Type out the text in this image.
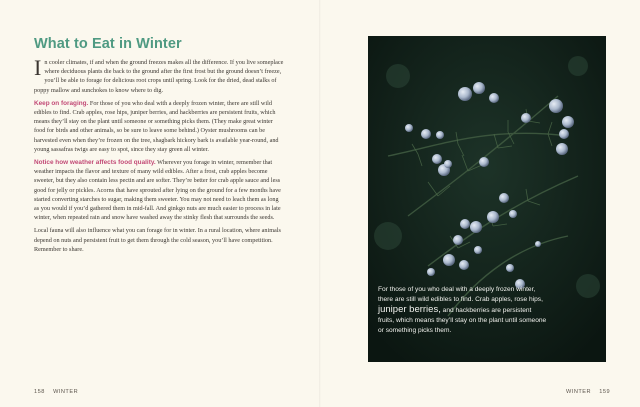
What to Eat in Winter

In cooler climates, if and when the ground freezes makes all the difference. If you live someplace where deciduous plants die back to the ground after the first frost but the ground doesn’t freeze, you’ll be able to forage for delicious root crops until spring. Look for the dried, dead stalks of poppy mallow and sunchokes to know where to dig.

Keep on foraging. For those of you who deal with a deeply frozen winter, there are still wild edibles to find. Crab apples, rose hips, juniper berries, and hackberries are persistent fruits, which means they’ll stay on the plant until someone or something picks them. (They make great winter food for birds and other animals, so be sure to leave some behind.) Oyster mushrooms can be harvested even when they’re frozen on the tree, shagbark hickory bark is available year-round, and young sassafras twigs are easy to spot, since they stay green all winter.

Notice how weather affects food quality. Wherever you forage in winter, remember that weather impacts the flavor and texture of many wild edibles. After a frost, crab apples become sweeter, but they also contain less pectin and are softer. They’re better for crab apple sauce and less good for jelly or pickles. Acorns that have sprouted after lying on the ground for a few months have started converting starches to sugar, making them sweeter. You may not need to leach them as long as you would if you’d gathered them in mid-fall. And ginkgo nuts are much easier to process in late winter, when repeated rain and snow have washed away the stinky flesh that surrounds the seeds.

Local fauna will also influence what you can forage for in winter. In a rural location, where animals depend on nuts and persistent fruit to get them through the cold season, you’ll have competition. Remember to share.

For those of you who deal with a deeply frozen winter, there are still wild edibles to find. Crab apples, rose hips, juniper berries, and hackberries are persistent fruits, which means they’ll stay on the plant until someone or something picks them.
158 WINTER	WINTER 159
